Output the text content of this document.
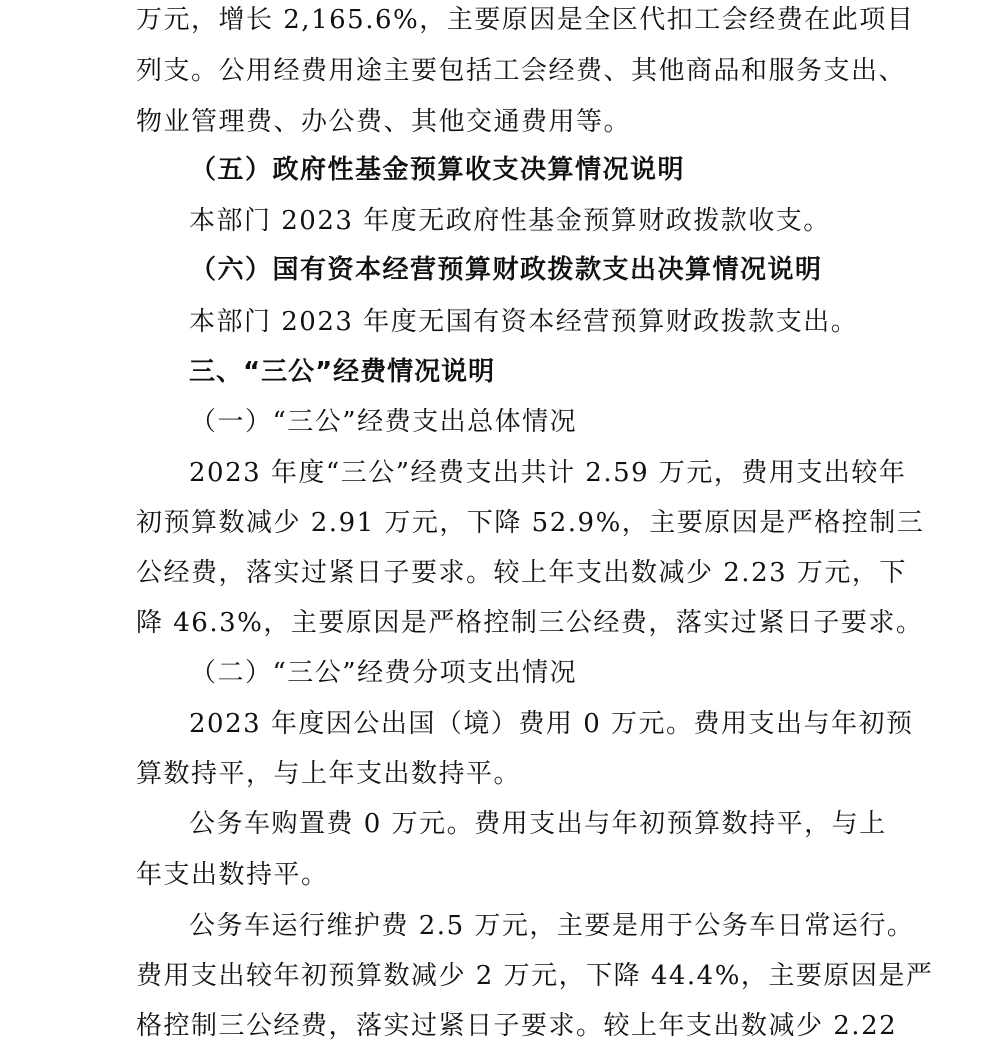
万元，增长 2,165.6%，主要原因是全区代扣工会经费在此项目
列支。公用经费用途主要包括工会经费、其他商品和服务支出、
物业管理费、办公费、其他交通费用等。
（五）政府性基金预算收支决算情况说明
本部门 2023 年度无政府性基金预算财政拨款收支。
（六）国有资本经营预算财政拨款支出决算情况说明
本部门 2023 年度无国有资本经营预算财政拨款支出。
三、“三公”经费情况说明
（一）“三公”经费支出总体情况
2023 年度“三公”经费支出共计 2.59 万元，费用支出较年
初预算数减少 2.91 万元，下降 52.9%，主要原因是严格控制三
公经费，落实过紧日子要求。较上年支出数减少 2.23 万元，下
降 46.3%，主要原因是严格控制三公经费，落实过紧日子要求。
（二）“三公”经费分项支出情况
2023 年度因公出国（境）费用 0 万元。费用支出与年初预
算数持平，与上年支出数持平。
公务车购置费 0 万元。费用支出与年初预算数持平，与上
年支出数持平。
公务车运行维护费 2.5 万元，主要是用于公务车日常运行。
费用支出较年初预算数减少 2 万元，下降 44.4%，主要原因是严
格控制三公经费，落实过紧日子要求。较上年支出数减少 2.22
